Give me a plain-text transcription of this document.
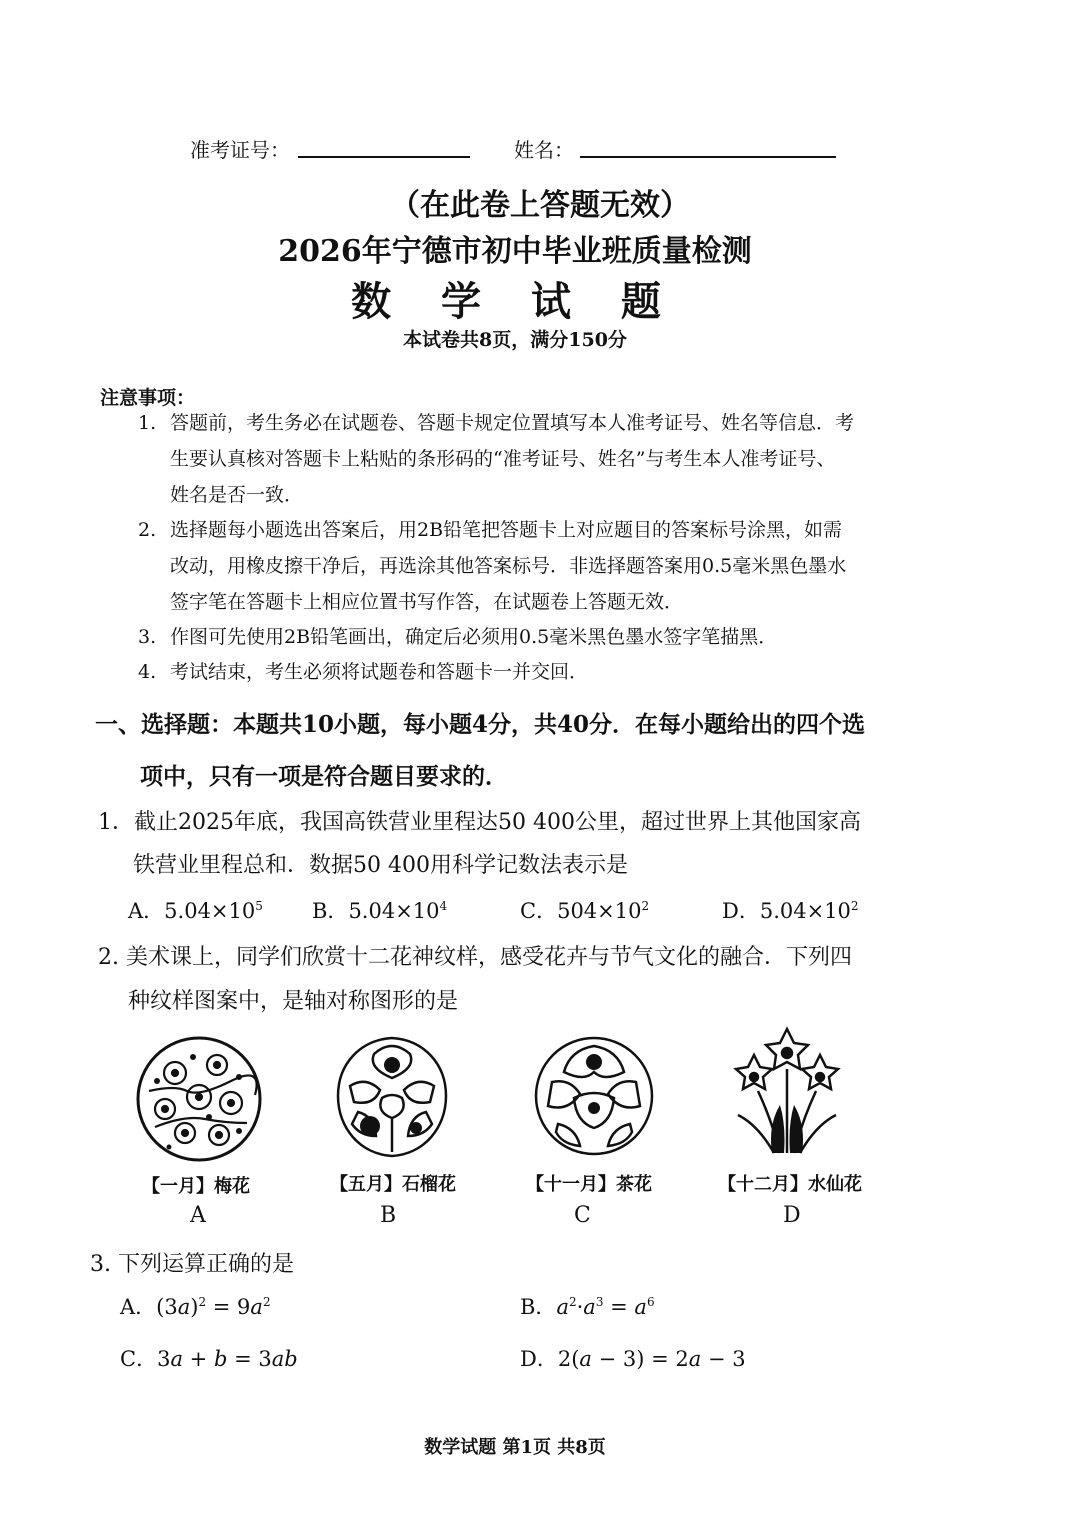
准考证号：	姓名：
（在此卷上答题无效）
2026年宁德市初中毕业班质量检测
数 学 试 题
本试卷共8页，满分150分
注意事项：
1. 答题前，考生务必在试题卷、答题卡规定位置填写本人准考证号、姓名等信息．考
生要认真核对答题卡上粘贴的条形码的“准考证号、姓名”与考生本人准考证号、
姓名是否一致．
2. 选择题每小题选出答案后，用2B铅笔把答题卡上对应题目的答案标号涂黑，如需
改动，用橡皮擦干净后，再选涂其他答案标号．非选择题答案用0.5毫米黑色墨水
签字笔在答题卡上相应位置书写作答，在试题卷上答题无效．
3. 作图可先使用2B铅笔画出，确定后必须用0.5毫米黑色墨水签字笔描黑．
4. 考试结束，考生必须将试题卷和答题卡一并交回．
一、选择题：本题共10小题，每小题4分，共40分．在每小题给出的四个选
项中，只有一项是符合题目要求的．
1．截止2025年底，我国高铁营业里程达50 400公里，超过世界上其他国家高
铁营业里程总和．数据50 400用科学记数法表示是
A．$5.04\times 10^5$ B．$5.04\times 10^4$	C．$504\times 10^2$	D．$5.04\times 10^2$
2. 美术课上，同学们欣赏十二花神纹样，感受花卉与节气文化的融合．下列四
种纹样图案中，是轴对称图形的是
【一月】梅花
A
【五月】石榴花
B
【十一月】茶花
C
【十二月】水仙花
D
3. 下列运算正确的是
A．$(3a)^2 = 9a^2$	B．$a^2\cdot a^3 = a^6$
C．3a + b = 3ab	D．2(a − 3) = 2a − 3
数学试题 第1页 共8页
